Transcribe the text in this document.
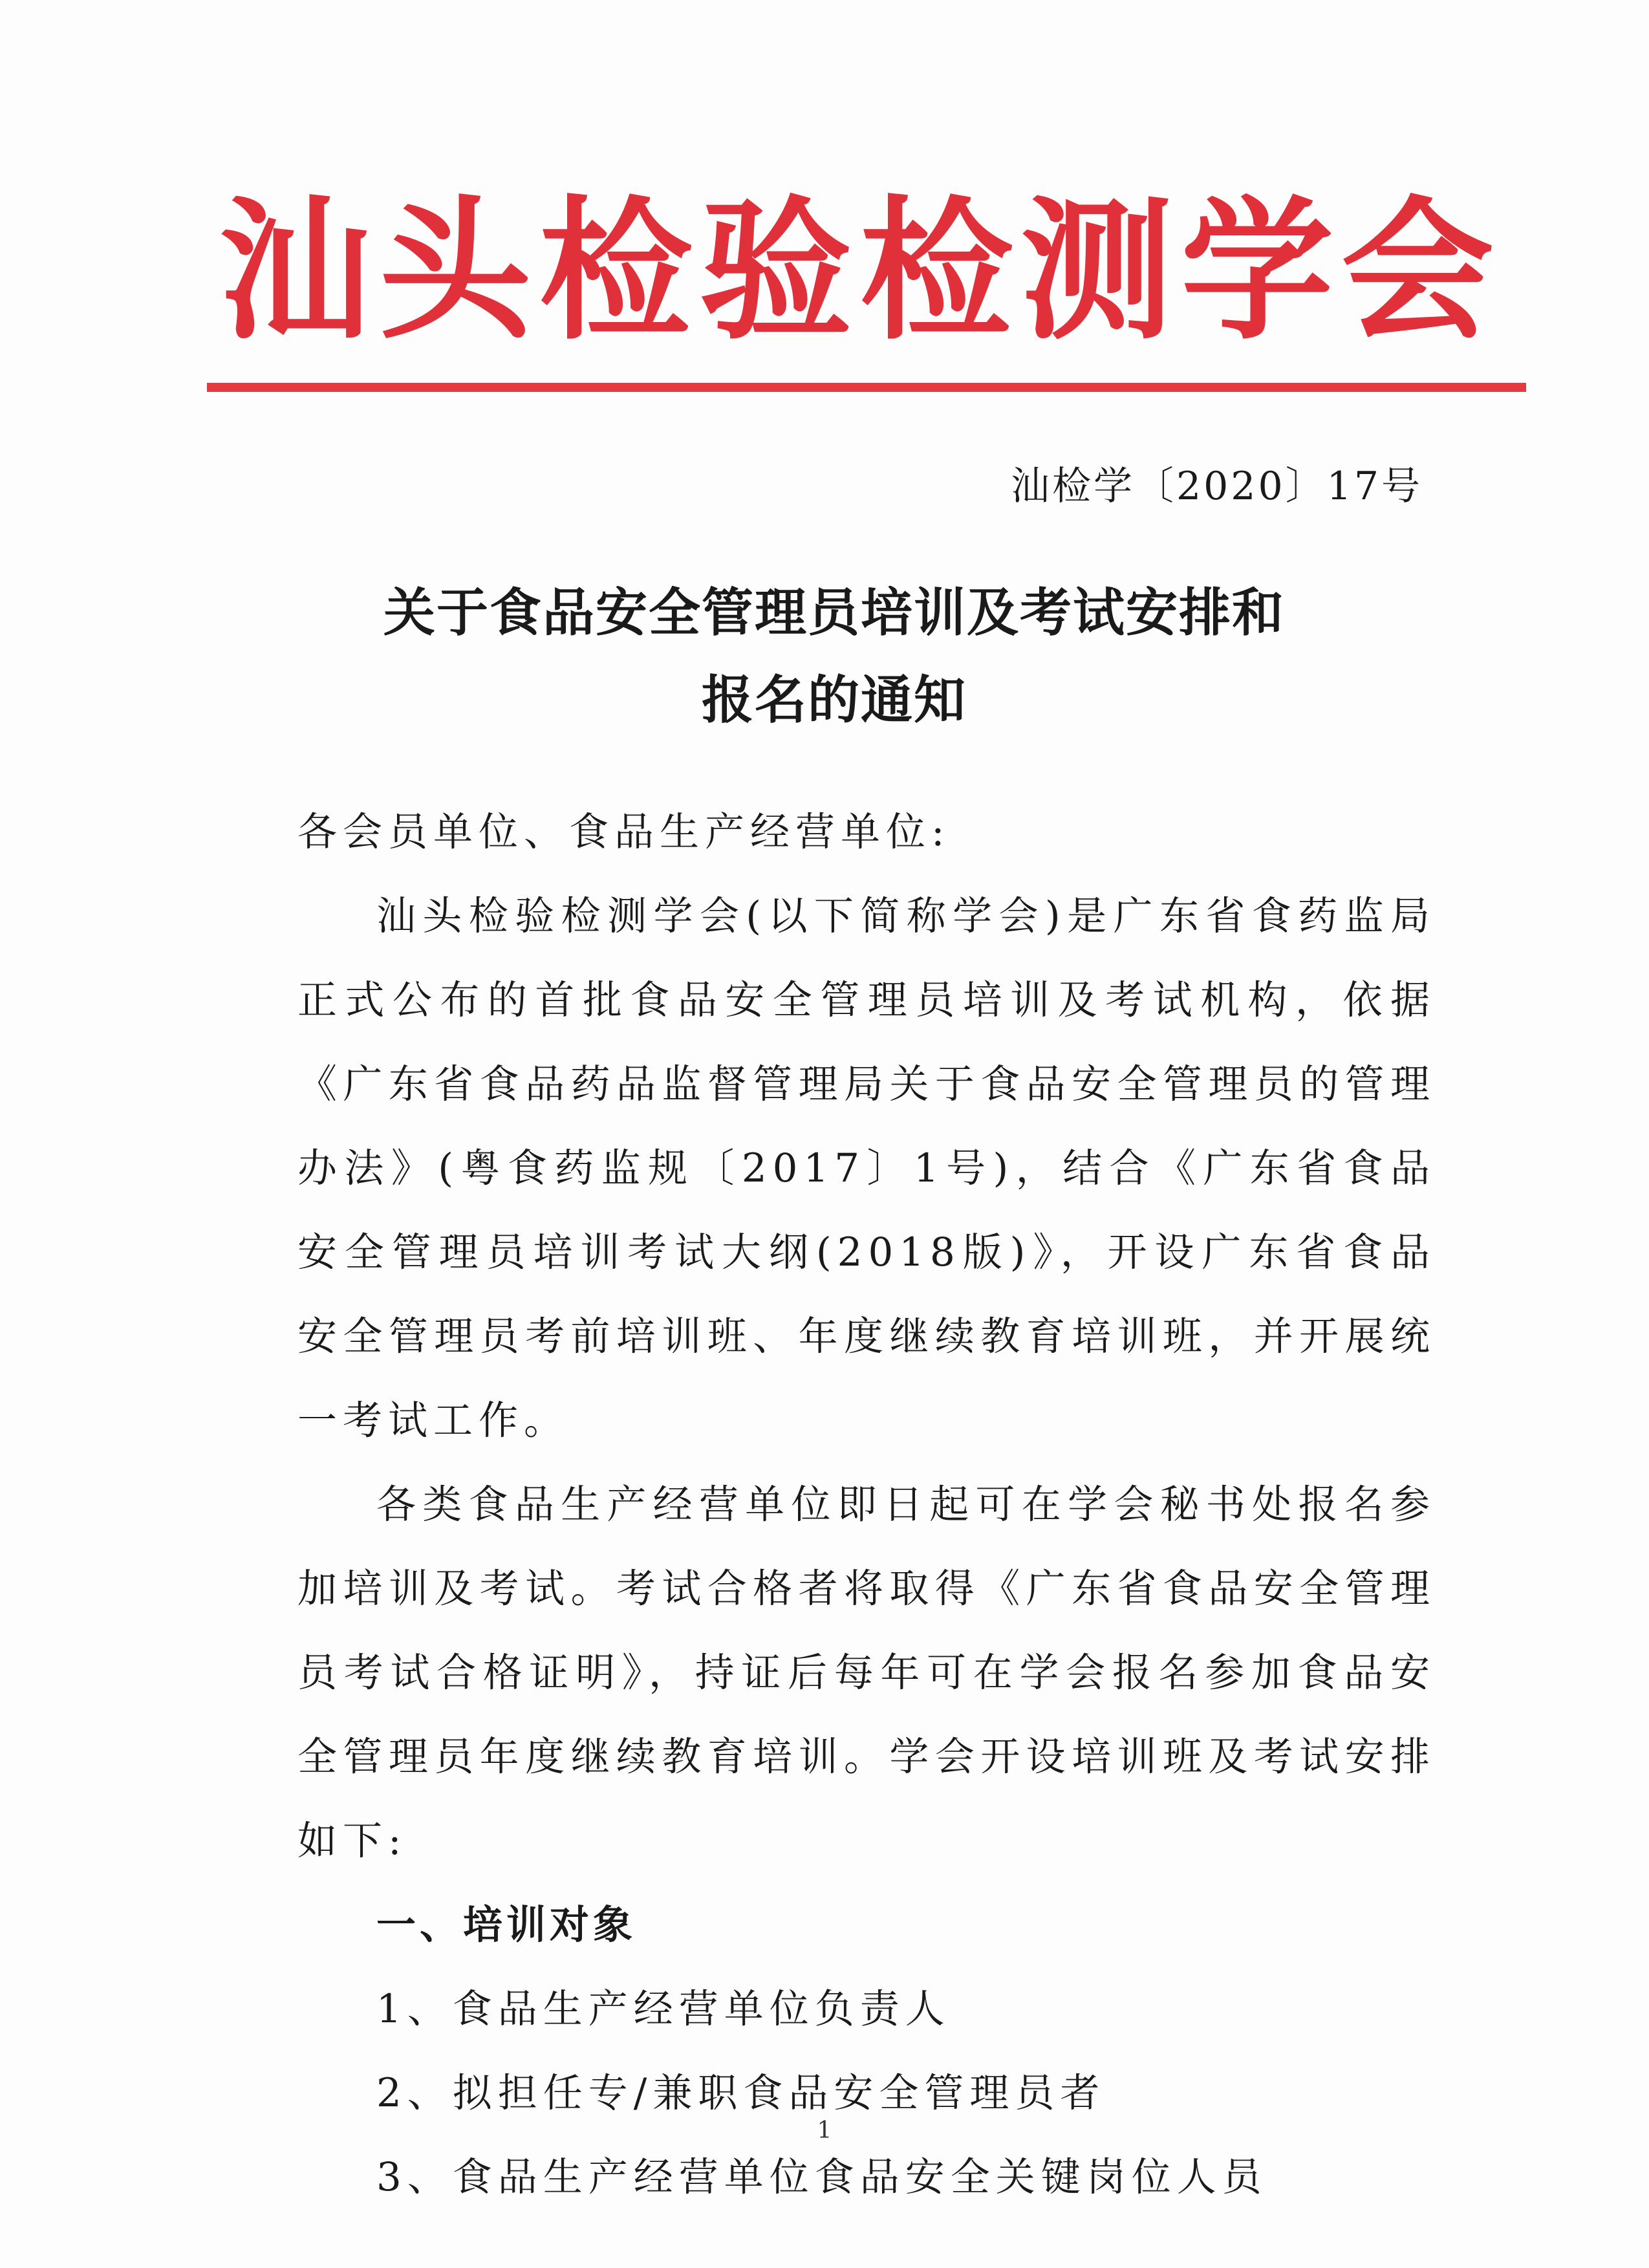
汕头检验检测学会
汕检学〔2020〕17号
关于食品安全管理员培训及考试安排和
报名的通知

各会员单位、食品生产经营单位:

汕头检验检测学会(以下简称学会)是广东省食药监局正式公布的首批食品安全管理员培训及考试机构，依据《广东省食品药品监督管理局关于食品安全管理员的管理办法》(粤食药监规〔2017〕1号)，结合《广东省食品安全管理员培训考试大纲(2018版)》，开设广东省食品安全管理员考前培训班、年度继续教育培训班，并开展统一考试工作。

各类食品生产经营单位即日起可在学会秘书处报名参加培训及考试。考试合格者将取得《广东省食品安全管理员考试合格证明》，持证后每年可在学会报名参加食品安全管理员年度继续教育培训。学会开设培训班及考试安排如下:

一、培训对象

1、食品生产经营单位负责人

2、拟担任专/兼职食品安全管理员者

3、食品生产经营单位食品安全关键岗位人员

1
